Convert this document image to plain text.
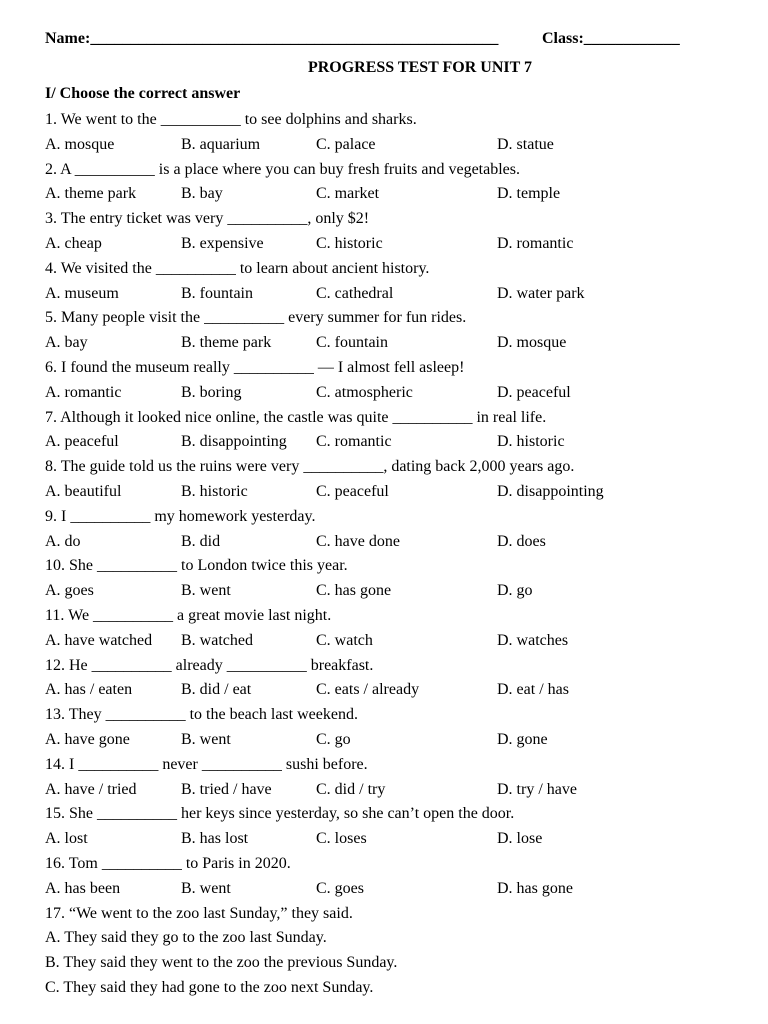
Name:___________________________________________________	Class:____________
PROGRESS TEST FOR UNIT 7
I/ Choose the correct answer
1. We went to the __________ to see dolphins and sharks.
A. mosque	B. aquarium	C. palace	D. statue
2. A __________ is a place where you can buy fresh fruits and vegetables.
A. theme park	B. bay	C. market	D. temple
3. The entry ticket was very __________, only $2!
A. cheap	B. expensive	C. historic	D. romantic
4. We visited the __________ to learn about ancient history.
A. museum	B. fountain	C. cathedral	D. water park
5. Many people visit the __________ every summer for fun rides.
A. bay	B. theme park	C. fountain	D. mosque
6. I found the museum really __________ — I almost fell asleep!
A. romantic	B. boring	C. atmospheric	D. peaceful
7. Although it looked nice online, the castle was quite __________ in real life.
A. peaceful	B. disappointing C. romantic	D. historic
8. The guide told us the ruins were very __________, dating back 2,000 years ago.
A. beautiful	B. historic	C. peaceful	D. disappointing
9. I __________ my homework yesterday.
A. do	B. did	C. have done	D. does
10. She __________ to London twice this year.
A. goes	B. went	C. has gone	D. go
11. We __________ a great movie last night.
A. have watched B. watched	C. watch	D. watches
12. He __________ already __________ breakfast.
A. has / eaten	B. did / eat	C. eats / already	D. eat / has
13. They __________ to the beach last weekend.
A. have gone	B. went	C. go	D. gone
14. I __________ never __________ sushi before.
A. have / tried	B. tried / have	C. did / try	D. try / have
15. She __________ her keys since yesterday, so she can’t open the door.
A. lost	B. has lost	C. loses	D. lose
16. Tom __________ to Paris in 2020.
A. has been	B. went	C. goes	D. has gone
17. “We went to the zoo last Sunday,” they said.
A. They said they go to the zoo last Sunday.
B. They said they went to the zoo the previous Sunday.
C. They said they had gone to the zoo next Sunday.
